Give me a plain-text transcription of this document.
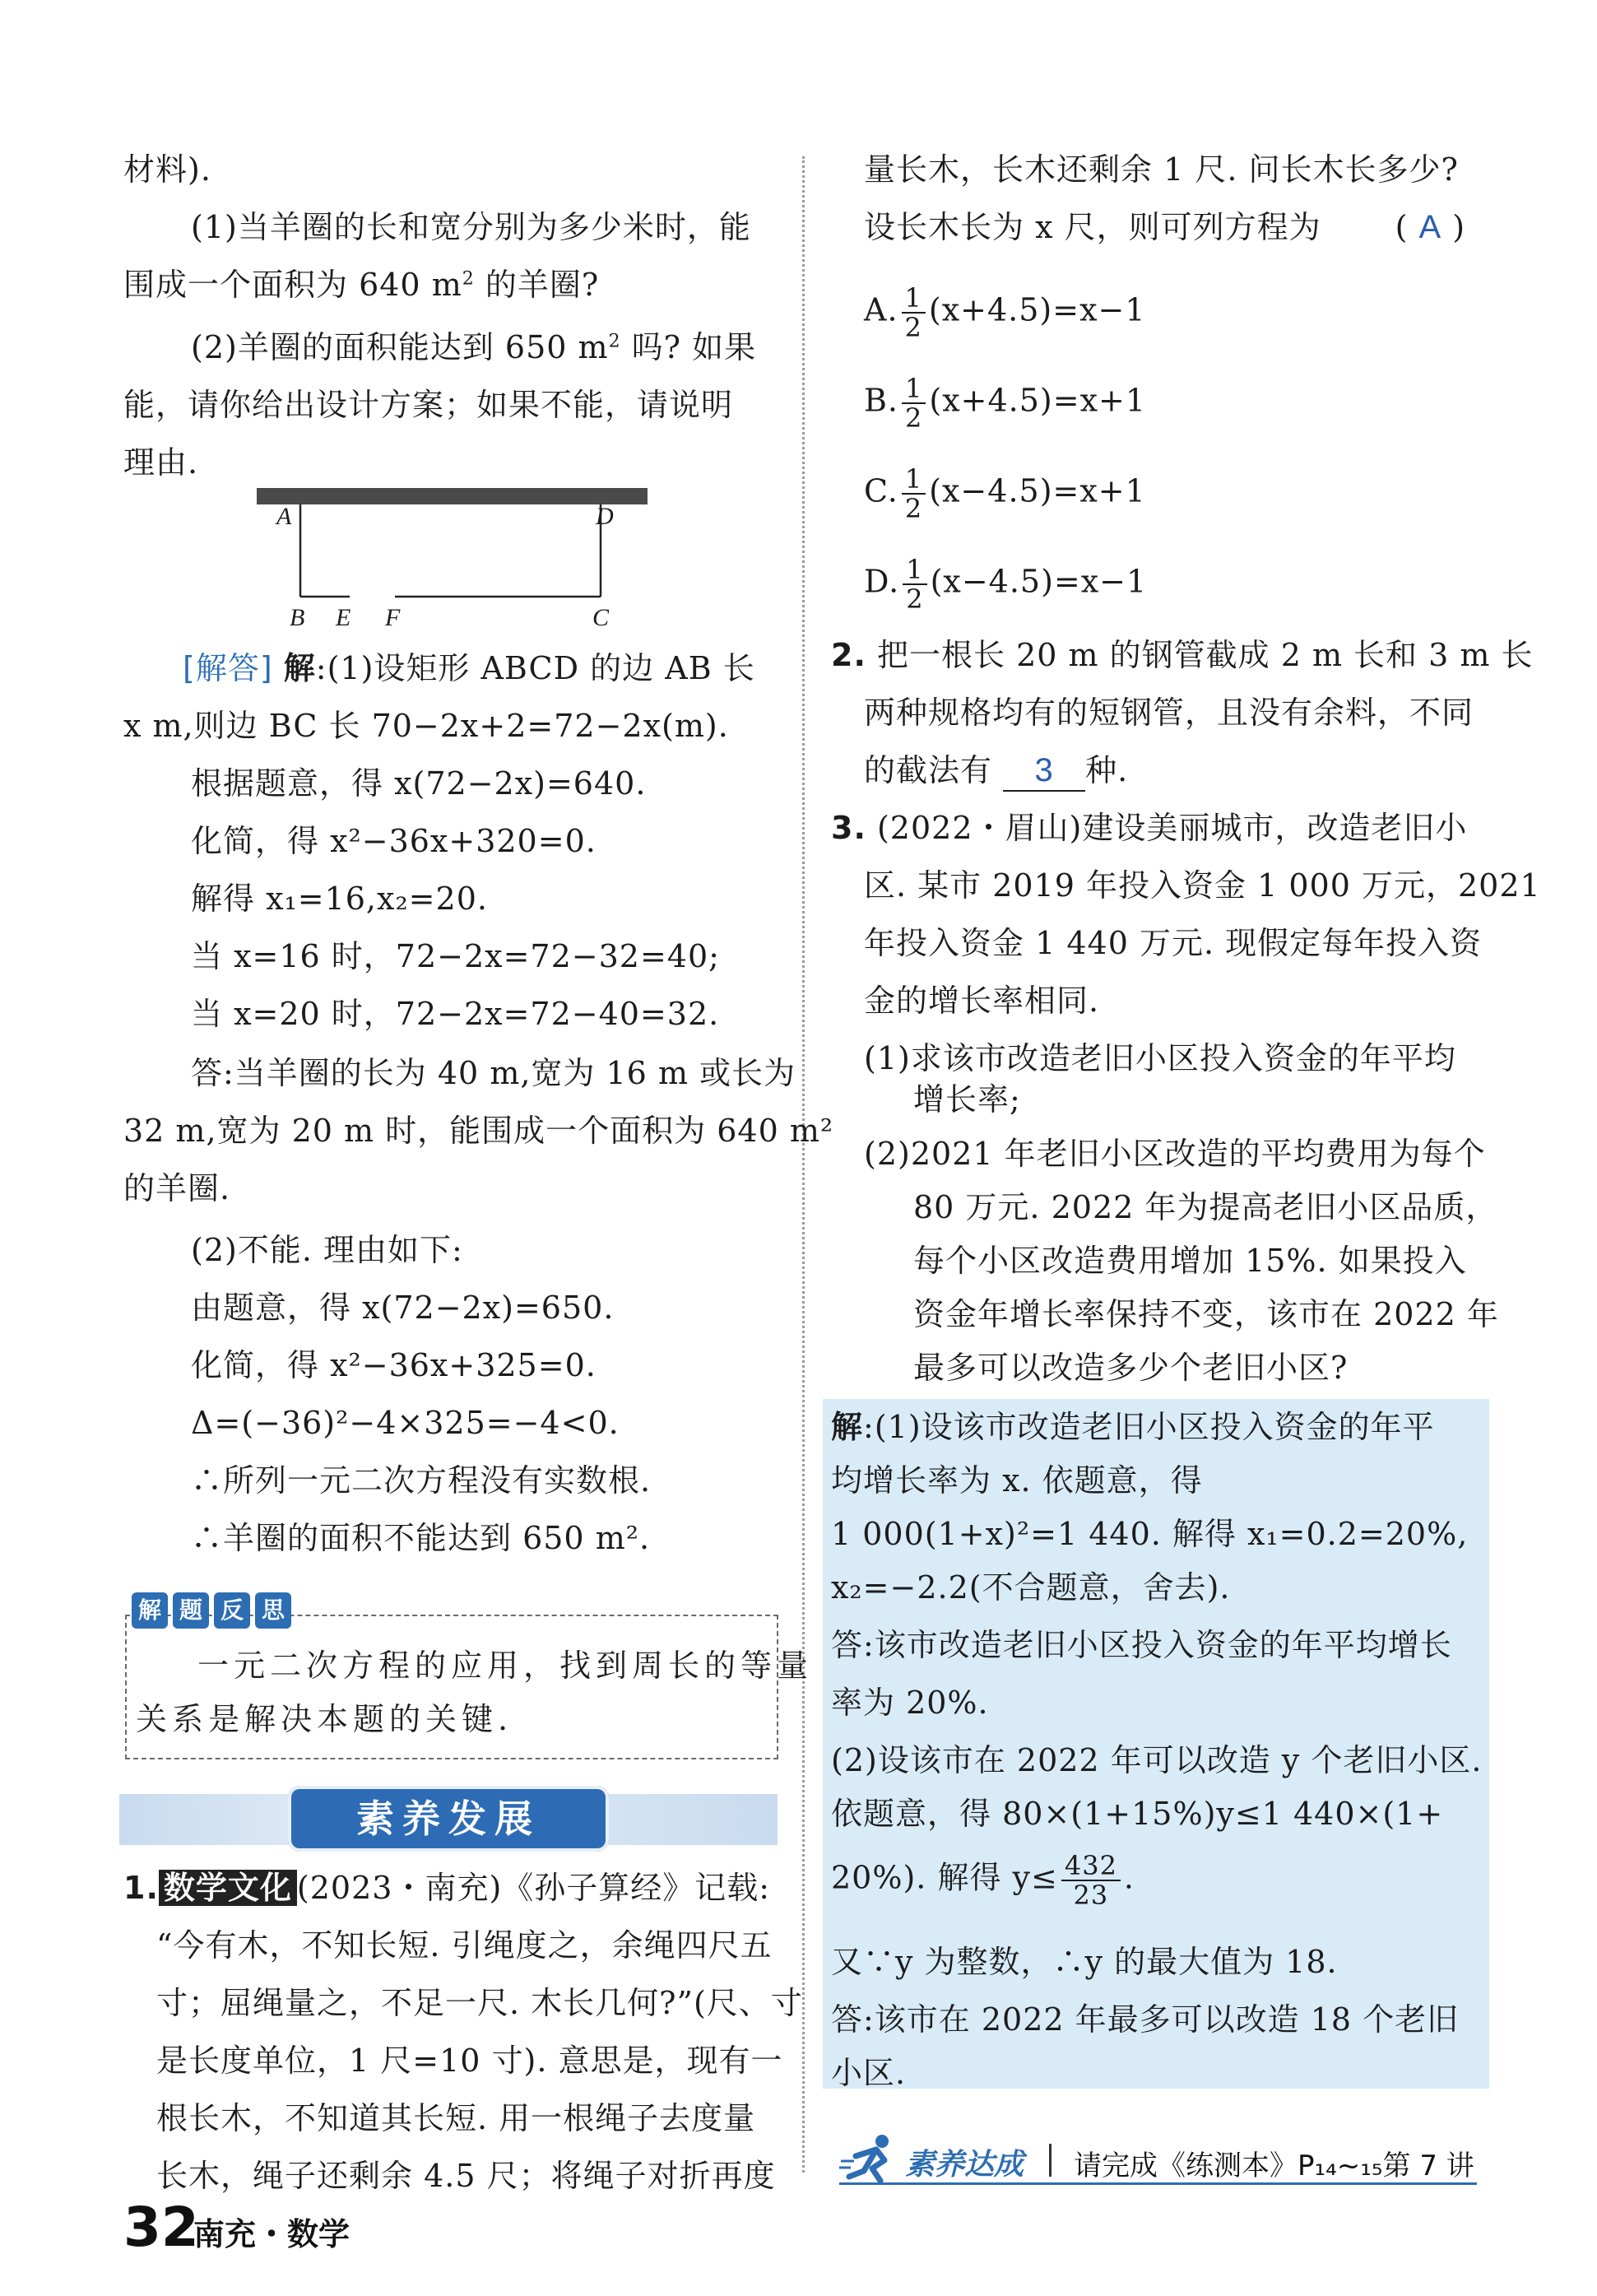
材料).
(1)当羊圈的长和宽分别为多少米时，能
围成一个面积为 640 $m^2$ 的羊圈?
(2)羊圈的面积能达到 650 $m^2$ 吗? 如果
能，请你给出设计方案；如果不能，请说明
理由.
A	D
B E F	C
[解答] 解:(1)设矩形 ABCD 的边 AB 长
x m,则边 BC 长 70−2x+2=72−2x(m).
根据题意，得 x(72−2x)=640.
化简，得 x²−36x+320=0.
解得 x₁=16,x₂=20.
当 x=16 时，72−2x=72−32=40;
当 x=20 时，72−2x=72−40=32.
答:当羊圈的长为 40 m,宽为 16 m 或长为
32 m,宽为 20 m 时，能围成一个面积为 640 m²
的羊圈.
(2)不能. 理由如下:
由题意，得 x(72−2x)=650.
化简，得 x²−36x+325=0.
Δ=(−36)²−4×325=−4<0.
∴所列一元二次方程没有实数根.
∴羊圈的面积不能达到 650 m².
解 题 反 思
一元二次方程的应用，找到周长的等量
关系是解决本题的关键.
素养发展
1. 数学文化 (2023・南充)《孙子算经》记载:
“今有木，不知长短. 引绳度之，余绳四尺五
寸；屈绳量之，不足一尺. 木长几何?”(尺、寸
是长度单位，1 尺=10 寸). 意思是，现有一
根长木，不知道其长短. 用一根绳子去度量
长木，绳子还剩余 4.5 尺；将绳子对折再度
量长木，长木还剩余 1 尺. 问长木长多少?
设长木长为 x 尺，则可列方程为 ( A )
A. $\frac{1}{2} (x+4.5)=x-1$
B. $\frac{1}{2} (x+4.5)=x+1$
C. $\frac{1}{2} (x-4.5)=x+1$
D. $\frac{1}{2} (x-4.5)=x-1$
2. 把一根长 20 m 的钢管截成 2 m 长和 3 m 长
两种规格均有的短钢管，且没有余料，不同
的截法有 3 种.
3. (2022・眉山)建设美丽城市，改造老旧小
区. 某市 2019 年投入资金 1 000 万元，2021
年投入资金 1 440 万元. 现假定每年投入资
金的增长率相同.
(1)求该市改造老旧小区投入资金的年平均
增长率;
(2)2021 年老旧小区改造的平均费用为每个
80 万元. 2022 年为提高老旧小区品质，
每个小区改造费用增加 15%. 如果投入
资金年增长率保持不变，该市在 2022 年
最多可以改造多少个老旧小区?
解:(1)设该市改造老旧小区投入资金的年平
均增长率为 x. 依题意，得
1 000(1+x)²=1 440. 解得 x₁=0.2=20%,
x₂=−2.2(不合题意，舍去).
答:该市改造老旧小区投入资金的年平均增长
率为 20%.
(2)设该市在 2022 年可以改造 y 个老旧小区.
依题意，得 80×(1+15%)y≤1 440×(1+
20%). 解得 $y\le \frac{432}{23}$ .
又∵y 为整数，∴y 的最大值为 18.
答:该市在 2022 年最多可以改造 18 个老旧
小区.
32
南充・数学
素养达成 请完成《练测本》P₁₄~₁₅第 7 讲
